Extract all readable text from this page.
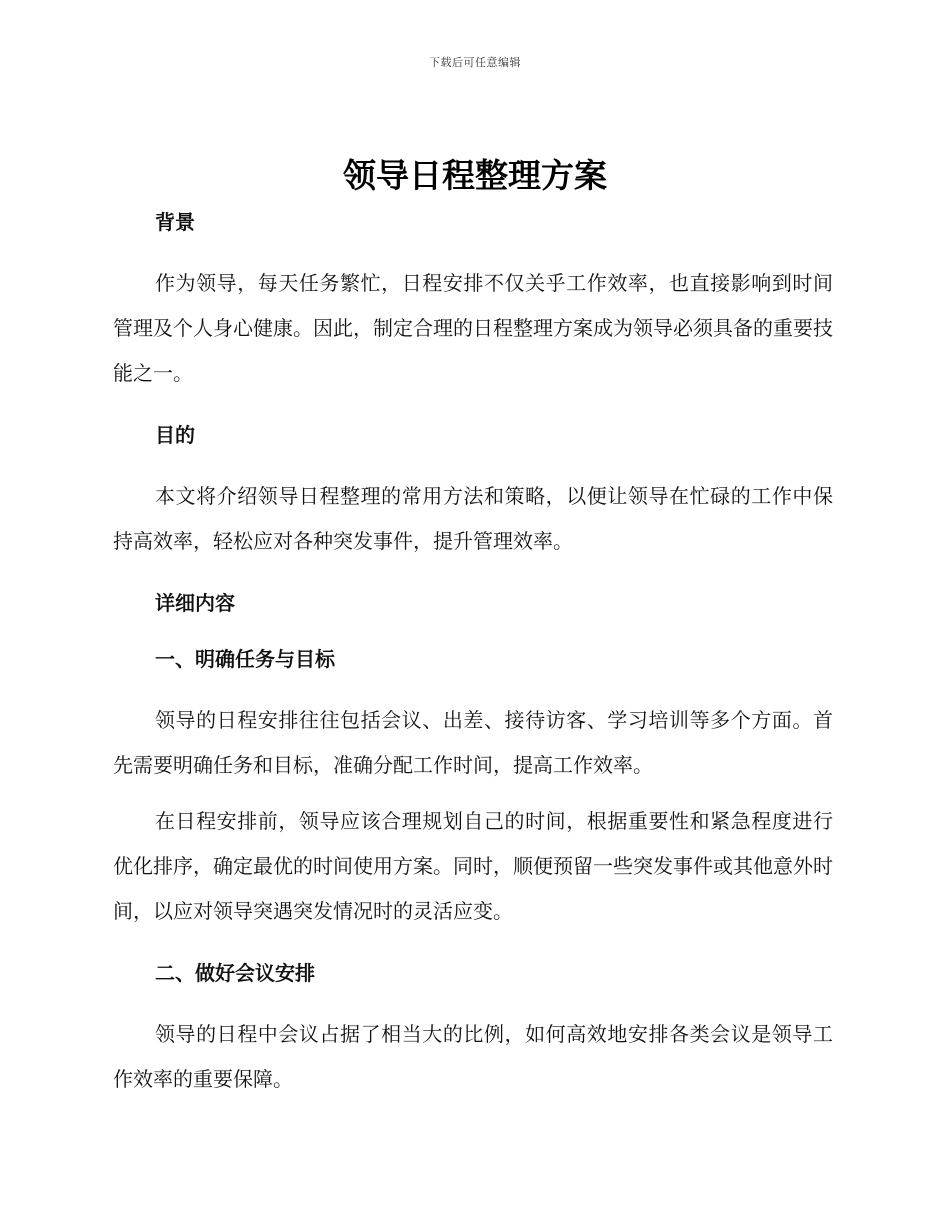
下载后可任意编辑
领导日程整理方案
背景

作为领导，每天任务繁忙，日程安排不仅关乎工作效率，也直接影响到时间管理及个人身心健康。因此，制定合理的日程整理方案成为领导必须具备的重要技能之一。

目的

本文将介绍领导日程整理的常用方法和策略，以便让领导在忙碌的工作中保持高效率，轻松应对各种突发事件，提升管理效率。

详细内容
一、明确任务与目标

领导的日程安排往往包括会议、出差、接待访客、学习培训等多个方面。首先需要明确任务和目标，准确分配工作时间，提高工作效率。

在日程安排前，领导应该合理规划自己的时间，根据重要性和紧急程度进行优化排序，确定最优的时间使用方案。同时，顺便预留一些突发事件或其他意外时间，以应对领导突遇突发情况时的灵活应变。

二、做好会议安排

领导的日程中会议占据了相当大的比例，如何高效地安排各类会议是领导工作效率的重要保障。
